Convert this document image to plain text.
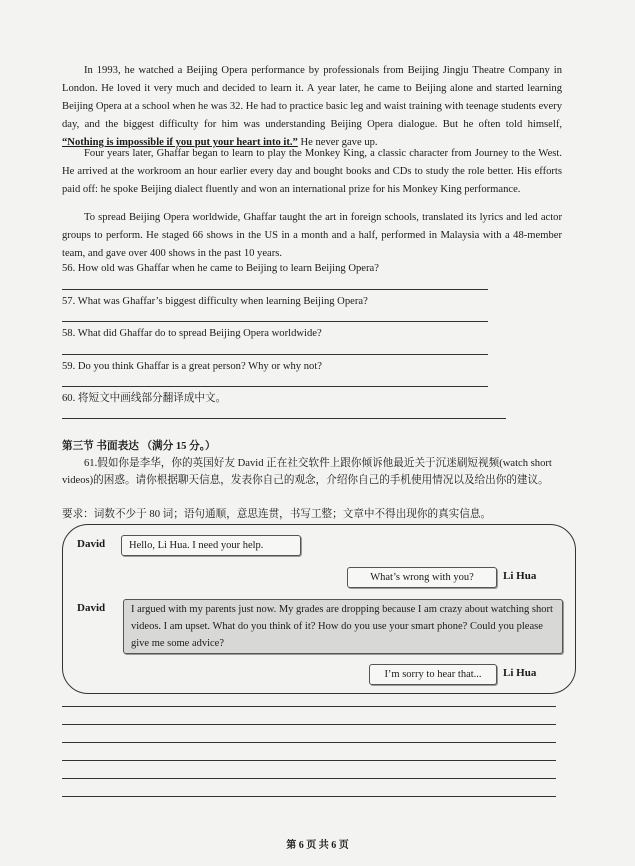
In 1993, he watched a Beijing Opera performance by professionals from Beijing Jingju Theatre Company in London. He loved it very much and decided to learn it. A year later, he came to Beijing alone and started learning Beijing Opera at a school when he was 32. He had to practice basic leg and waist training with teenage students every day, and the biggest difficulty for him was understanding Beijing Opera dialogue. But he often told himself, “Nothing is impossible if you put your heart into it.” He never gave up.

Four years later, Ghaffar began to learn to play the Monkey King, a classic character from Journey to the West. He arrived at the workroom an hour earlier every day and bought books and CDs to study the role better. His efforts paid off: he spoke Beijing dialect fluently and won an international prize for his Monkey King performance.

To spread Beijing Opera worldwide, Ghaffar taught the art in foreign schools, translated its lyrics and led actor groups to perform. He staged 66 shows in the US in a month and a half, performed in Malaysia with a 48-member team, and gave over 400 shows in the past 10 years.

56. How old was Ghaffar when he came to Beijing to learn Beijing Opera?
57. What was Ghaffar’s biggest difficulty when learning Beijing Opera?
58. What did Ghaffar do to spread Beijing Opera worldwide?
59. Do you think Ghaffar is a great person? Why or why not?
60. 将短文中画线部分翻译成中文。
第三节 书面表达 （满分 15 分。）

61.假如你是李华，你的英国好友 David 正在社交软件上跟你倾诉他最近关于沉迷刷短视频(watch short videos)的困惑。请你根据聊天信息，发表你自己的观念，介绍你自己的手机使用情况以及给出你的建议。

要求：词数不少于 80 词；语句通顺，意思连贯，书写工整；文章中不得出现你的真实信息。
David	Hello, Li Hua. I need your help.
What’s wrong with you?	Li Hua
David	I argued with my parents just now. My grades are dropping because I am crazy about watching short videos. I am upset. What do you think of it? How do you use your smart phone? Could you please give me some advice?
I’m sorry to hear that...	Li Hua
第 6 页 共 6 页
